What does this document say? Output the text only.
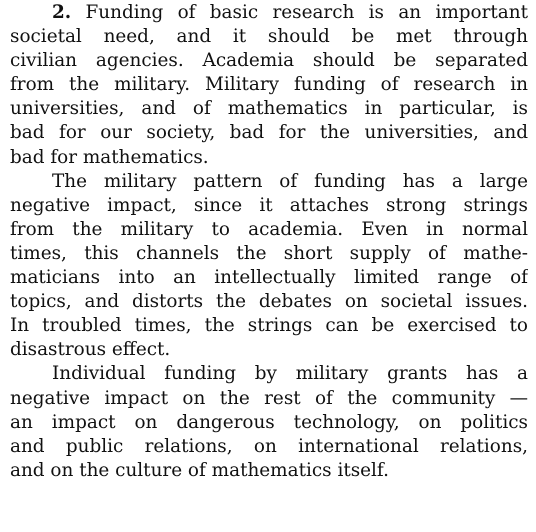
2. Funding of basic research is an important
societal need, and it should be met through
civilian agencies. Academia should be separated
from the military. Military funding of research in
universities, and of mathematics in particular, is
bad for our society, bad for the universities, and
bad for mathematics.
The military pattern of funding has a large
negative impact, since it attaches strong strings
from the military to academia. Even in normal
times, this channels the short supply of mathe-
maticians into an intellectually limited range of
topics, and distorts the debates on societal issues.
In troubled times, the strings can be exercised to
disastrous effect.
Individual funding by military grants has a
negative impact on the rest of the community —
an impact on dangerous technology, on politics
and public relations, on international relations,
and on the culture of mathematics itself.
